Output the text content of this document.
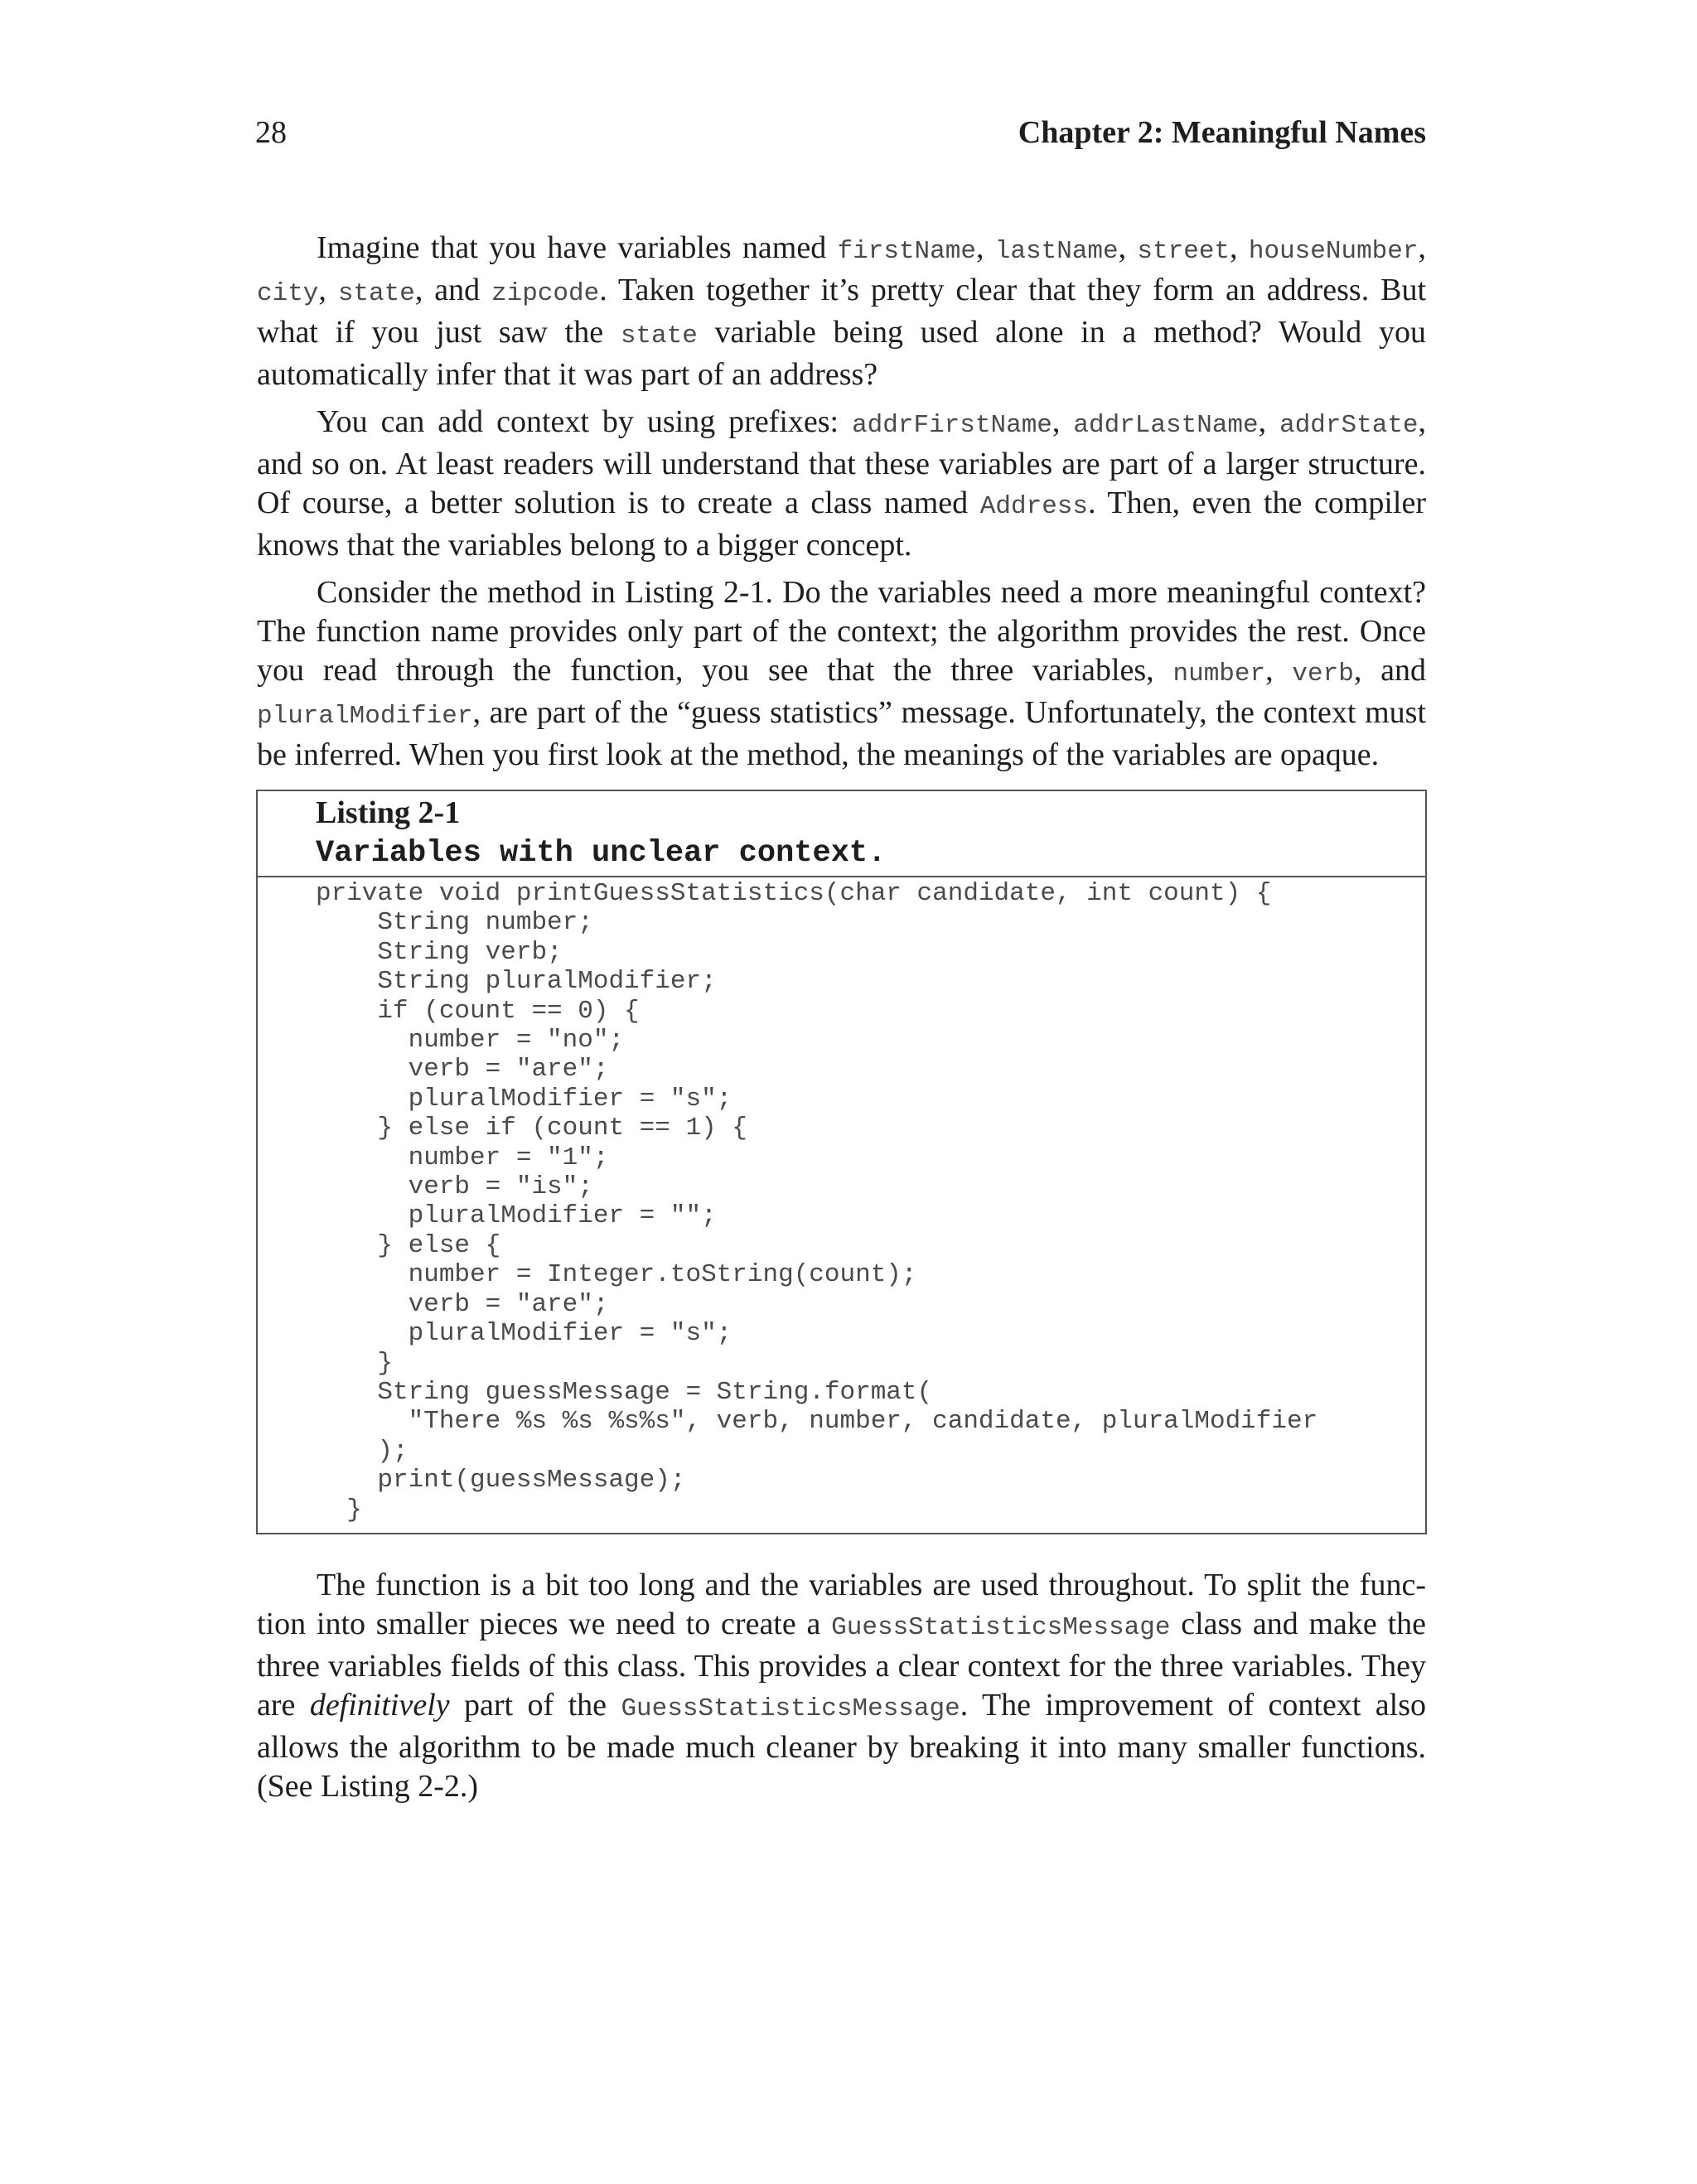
28	Chapter 2: Meaningful Names

Imagine that you have variables named firstName, lastName, street, houseNumber, city, state, and zipcode. Taken together it’s pretty clear that they form an address. But what if you just saw the state variable being used alone in a method? Would you automatically infer that it was part of an address?

You can add context by using prefixes: addrFirstName, addrLastName, addrState, and so on. At least readers will understand that these variables are part of a larger structure. Of course, a better solution is to create a class named Address. Then, even the compiler knows that the variables belong to a bigger concept.

Consider the method in Listing 2-1. Do the variables need a more meaningful context? The function name provides only part of the context; the algorithm provides the rest. Once you read through the function, you see that the three variables, number, verb, and pluralModifier, are part of the “guess statistics” message. Unfortunately, the context must be inferred. When you first look at the method, the meanings of the variables are opaque.

Listing 2-1
Variables with unclear context.
private void printGuessStatistics(char candidate, int count) {
String number;
String verb;
String pluralModifier;
if (count == 0) {
number = "no";
verb = "are";
pluralModifier = "s";
} else if (count == 1) {
number = "1";
verb = "is";
pluralModifier = "";
} else {
number = Integer.toString(count);
verb = "are";
pluralModifier = "s";
}
String guessMessage = String.format(
"There %s %s %s%s", verb, number, candidate, pluralModifier
);
print(guessMessage);
}

The function is a bit too long and the variables are used throughout. To split the function into smaller pieces we need to create a GuessStatisticsMessage class and make the three variables fields of this class. This provides a clear context for the three variables. They are definitively part of the GuessStatisticsMessage. The improvement of context also allows the algorithm to be made much cleaner by breaking it into many smaller functions. (See Listing 2-2.)
